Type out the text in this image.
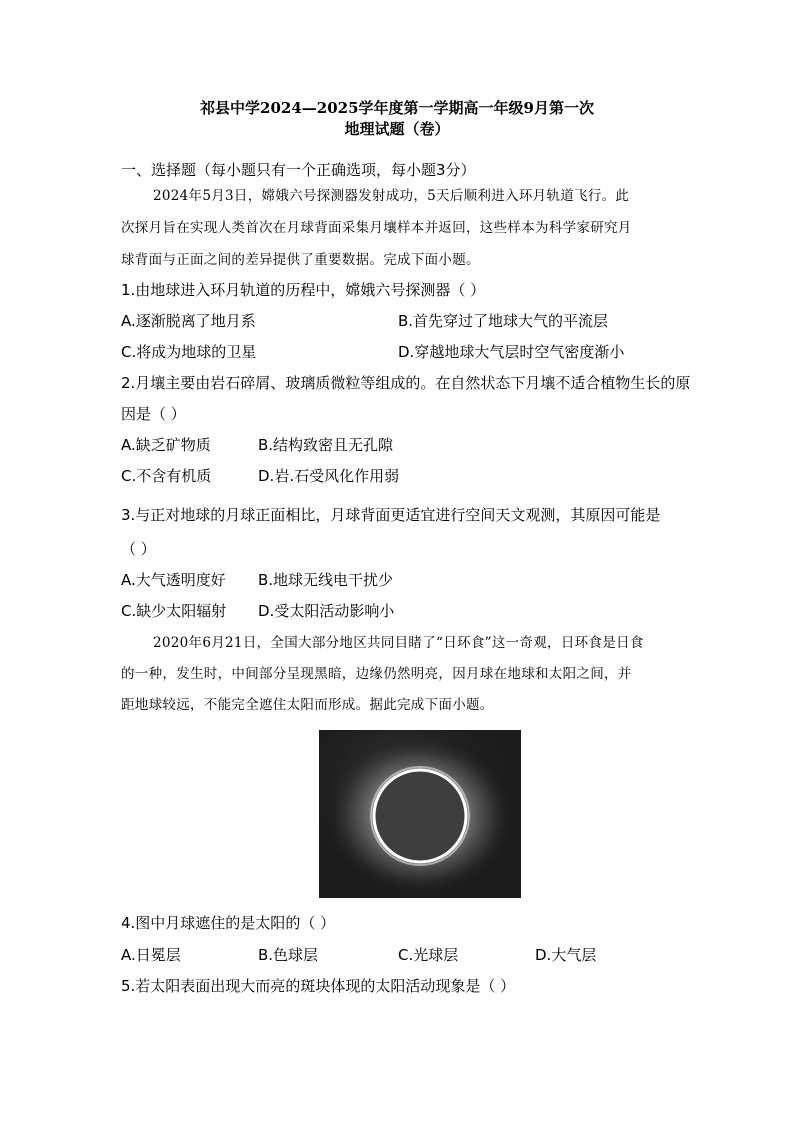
祁县中学2024—2025学年度第一学期高一年级9月第一次
地理试题（卷）
一、选择题（每小题只有一个正确选项，每小题3分）
2024年5月3日，嫦娥六号探测器发射成功，5天后顺利进入环月轨道飞行。此
次探月旨在实现人类首次在月球背面采集月壤样本并返回，这些样本为科学家研究月
球背面与正面之间的差异提供了重要数据。完成下面小题。
1.由地球进入环月轨道的历程中，嫦娥六号探测器（ ）
A.逐渐脱离了地月系	B.首先穿过了地球大气的平流层
C.将成为地球的卫星	D.穿越地球大气层时空气密度渐小
2.月壤主要由岩石碎屑、玻璃质微粒等组成的。在自然状态下月壤不适合植物生长的原
因是（ ）
A.缺乏矿物质	B.结构致密且无孔隙
C.不含有机质	D.岩.石受风化作用弱
3.与正对地球的月球正面相比，月球背面更适宜进行空间天文观测，其原因可能是
（ ）
A.大气透明度好 B.地球无线电干扰少
C.缺少太阳辐射 D.受太阳活动影响小
2020年6月21日，全国大部分地区共同目睹了“日环食”这一奇观，日环食是日食
的一种，发生时，中间部分呈现黑暗，边缘仍然明亮，因月球在地球和太阳之间，并
距地球较远，不能完全遮住太阳而形成。据此完成下面小题。
4.图中月球遮住的是太阳的（ ）
A.日冕层	B.色球层	C.光球层	D.大气层
5.若太阳表面出现大而亮的斑块体现的太阳活动现象是（ ）
